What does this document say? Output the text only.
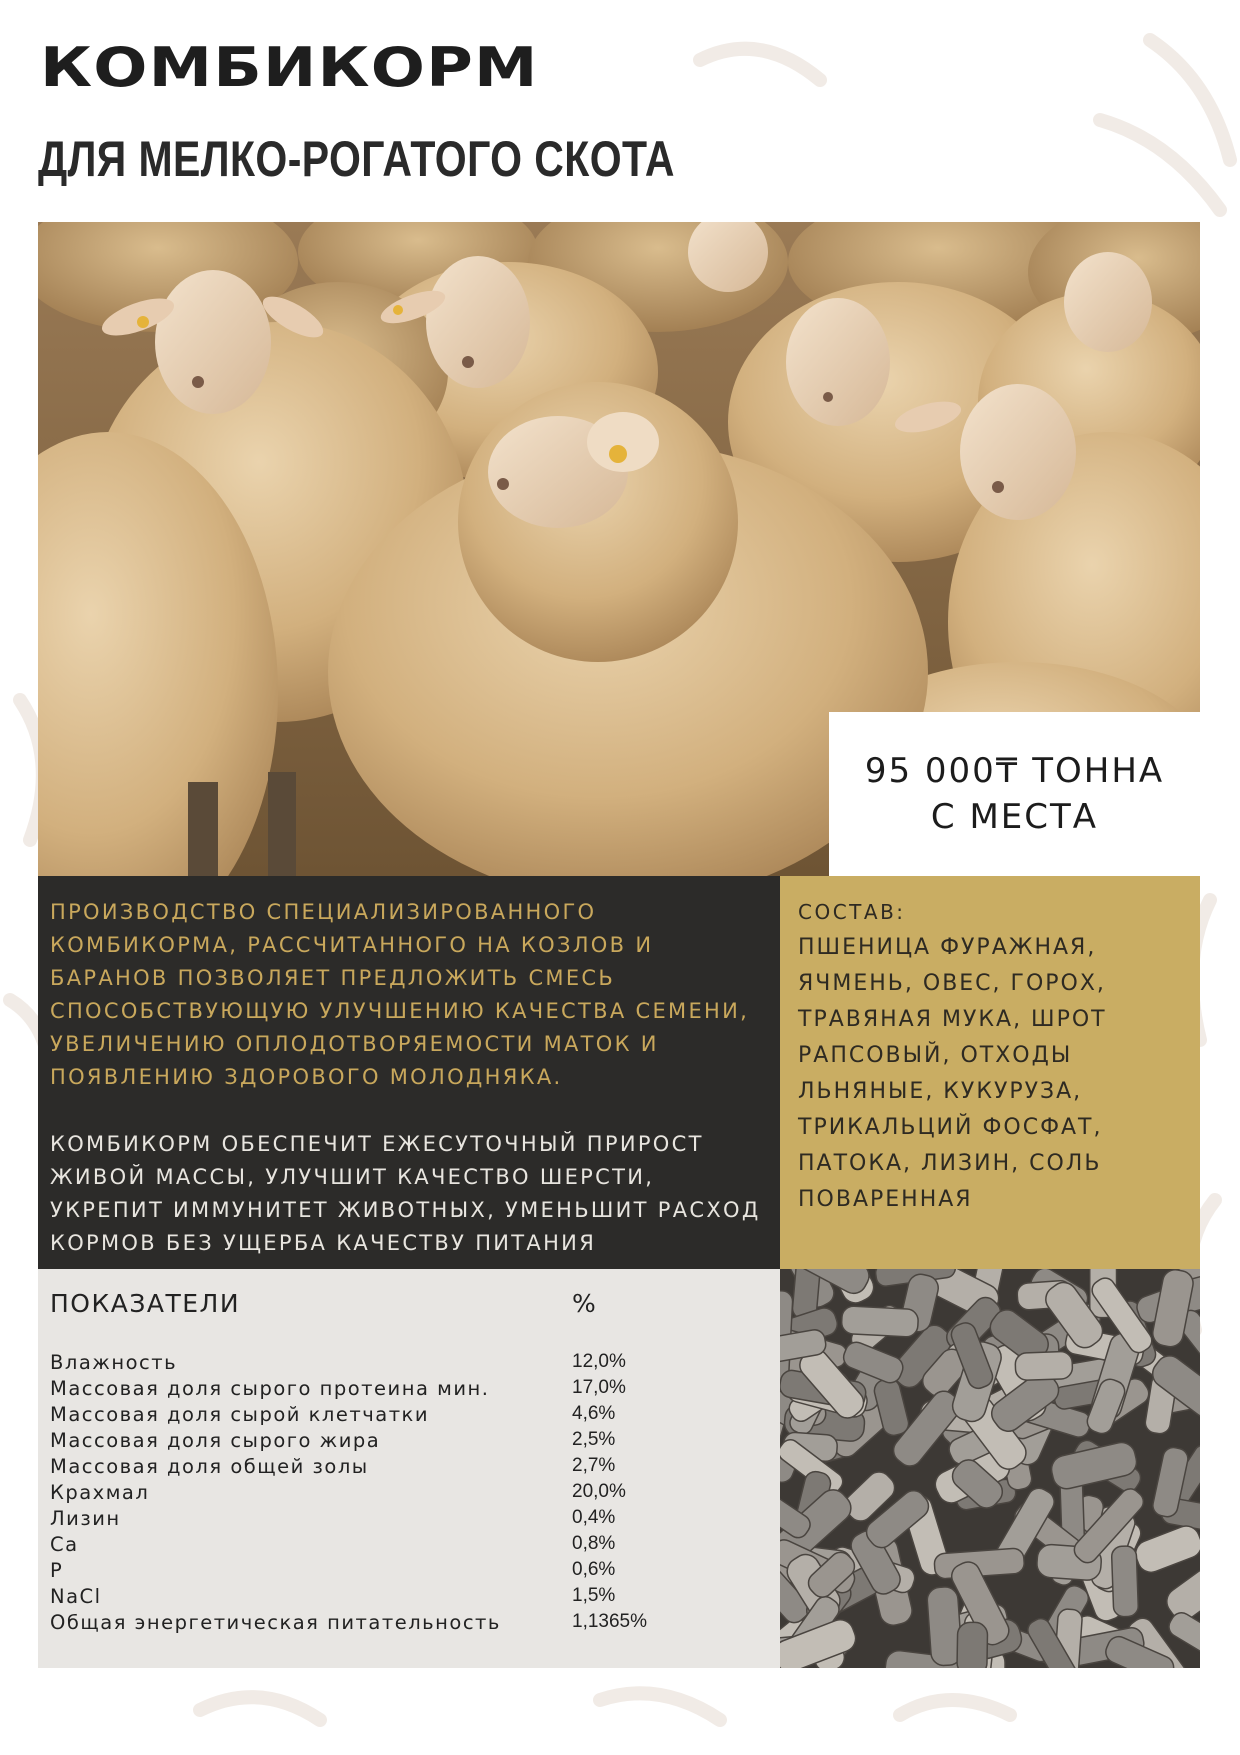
КОМБИКОРМ
ДЛЯ МЕЛКО-РОГАТОГО СКОТА
95 000₸ ТОННА
С МЕСТА

ПРОИЗВОДСТВО СПЕЦИАЛИЗИРОВАННОГО КОМБИКОРМА, РАССЧИТАННОГО НА КОЗЛОВ И БАРАНОВ ПОЗВОЛЯЕТ ПРЕДЛОЖИТЬ СМЕСЬ СПОСОБСТВУЮЩУЮ УЛУЧШЕНИЮ КАЧЕСТВА СЕМЕНИ, УВЕЛИЧЕНИЮ ОПЛОДОТВОРЯЕМОСТИ МАТОК И ПОЯВЛЕНИЮ ЗДОРОВОГО МОЛОДНЯКА.

КОМБИКОРМ ОБЕСПЕЧИТ ЕЖЕСУТОЧНЫЙ ПРИРОСТ ЖИВОЙ МАССЫ, УЛУЧШИТ КАЧЕСТВО ШЕРСТИ, УКРЕПИТ ИММУНИТЕТ ЖИВОТНЫХ, УМЕНЬШИТ РАСХОД КОРМОВ БЕЗ УЩЕРБА КАЧЕСТВУ ПИТАНИЯ

СОСТАВ:

ПШЕНИЦА ФУРАЖНАЯ, ЯЧМЕНЬ, ОВЕС, ГОРОХ, ТРАВЯНАЯ МУКА, ШРОТ РАПСОВЫЙ, ОТХОДЫ ЛЬНЯНЫЕ, КУКУРУЗА, ТРИКАЛЬЦИЙ ФОСФАТ, ПАТОКА, ЛИЗИН, СОЛЬ ПОВАРЕННАЯ

ПОКАЗАТЕЛИ	%
Влажность	12,0%
Массовая доля сырого протеина мин.	17,0%
Массовая доля сырой клетчатки	4,6%
Массовая доля сырого жира	2,5%
Массовая доля общей золы	2,7%
Крахмал	20,0%
Лизин	0,4%
Са	0,8%
Р	0,6%
NaCl	1,5%
Общая энергетическая питательность	1,1365%
